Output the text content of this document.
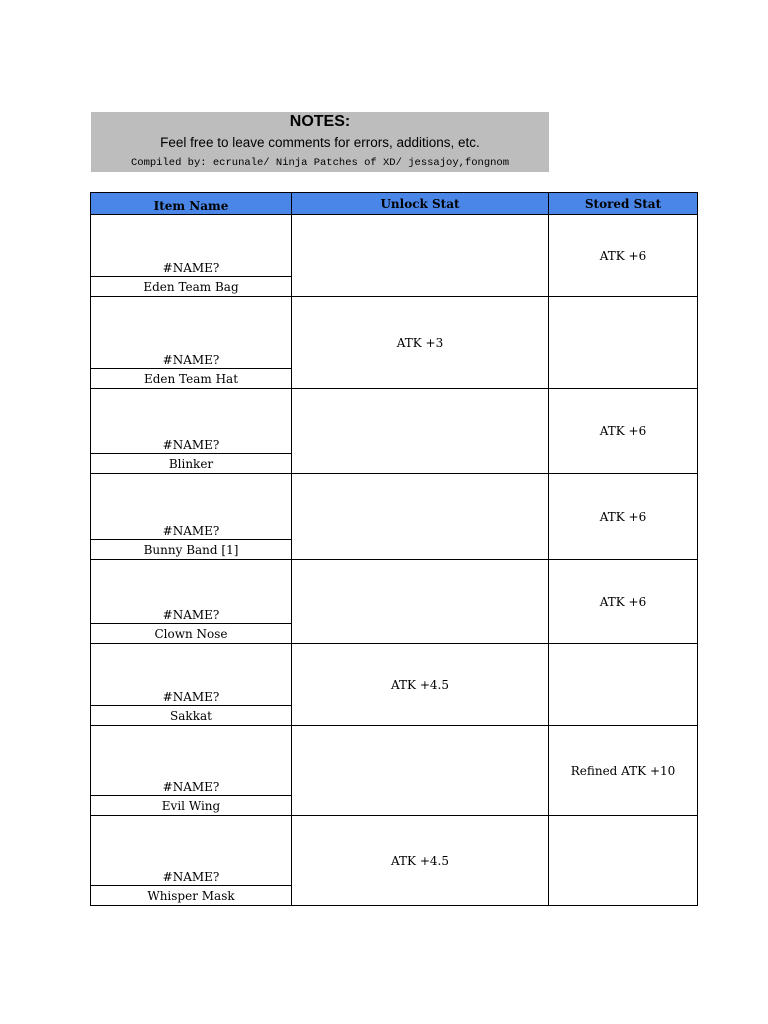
NOTES:
Feel free to leave comments for errors, additions, etc.
Compiled by: ecrunale/ Ninja Patches of XD/ jessajoy,fongnom
Item Name	Unlock Stat	Stored Stat
#NAME?		ATK +6
Eden Team Bag		
#NAME?	ATK +3	
Eden Team Hat		
#NAME?		ATK +6
Blinker		
#NAME?		ATK +6
Bunny Band [1]		
#NAME?		ATK +6
Clown Nose		
#NAME?	ATK +4.5	
Sakkat		
#NAME?		Refined ATK +10
Evil Wing		
#NAME?	ATK +4.5	
Whisper Mask		
